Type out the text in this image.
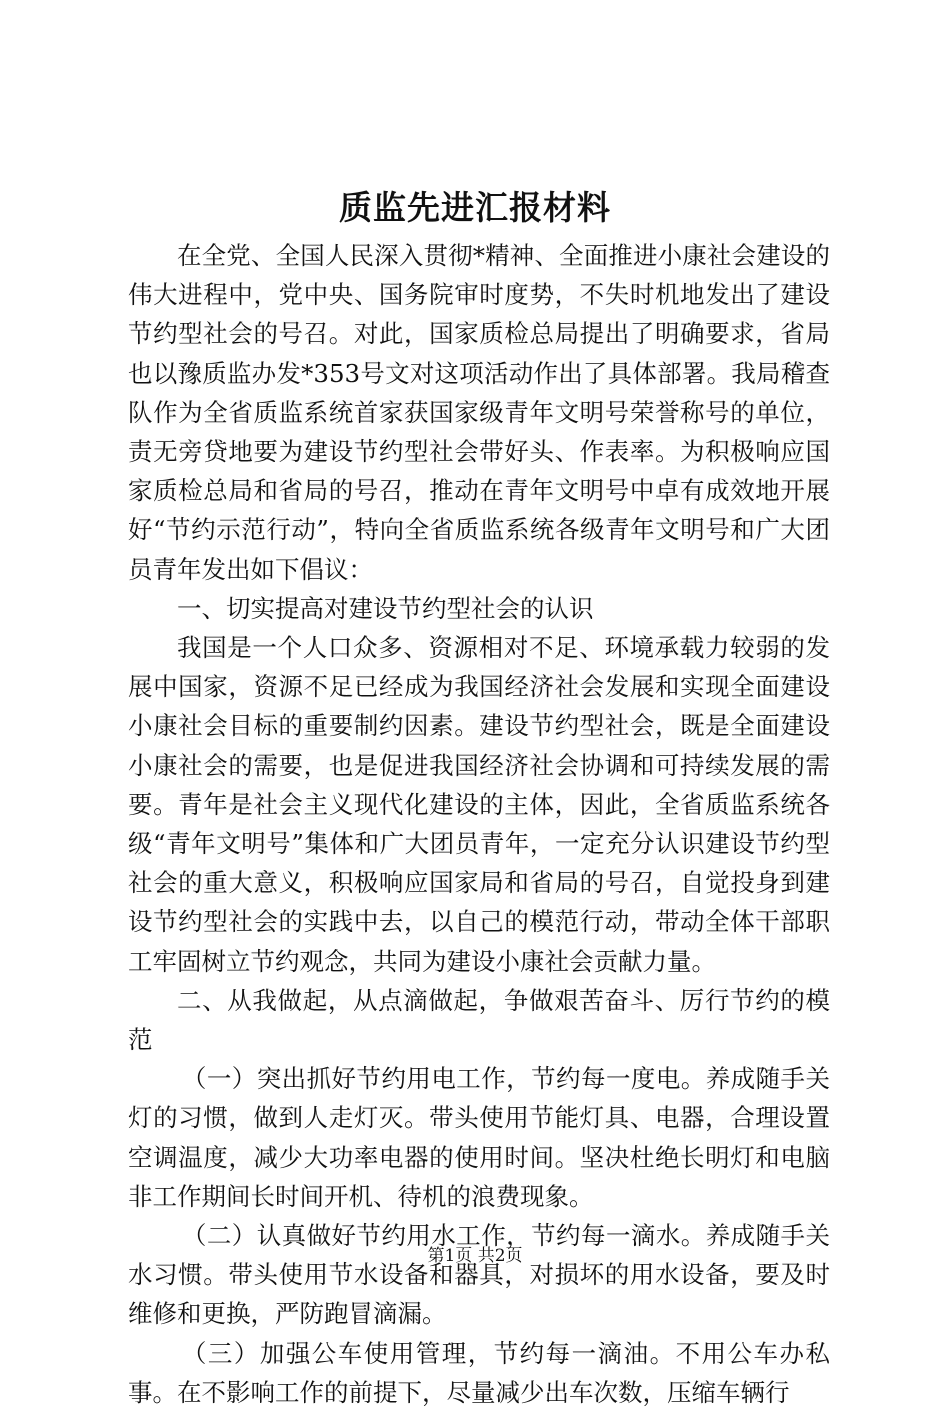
质监先进汇报材料

在全党、全国人民深入贯彻*精神、全面推进小康社会建设的伟大进程中，党中央、国务院审时度势，不失时机地发出了建设节约型社会的号召。对此，国家质检总局提出了明确要求，省局也以豫质监办发*353号文对这项活动作出了具体部署。我局稽查队作为全省质监系统首家获国家级青年文明号荣誉称号的单位，责无旁贷地要为建设节约型社会带好头、作表率。为积极响应国家质检总局和省局的号召，推动在青年文明号中卓有成效地开展好“节约示范行动”，特向全省质监系统各级青年文明号和广大团员青年发出如下倡议：

一、切实提高对建设节约型社会的认识

我国是一个人口众多、资源相对不足、环境承载力较弱的发展中国家，资源不足已经成为我国经济社会发展和实现全面建设小康社会目标的重要制约因素。建设节约型社会，既是全面建设小康社会的需要，也是促进我国经济社会协调和可持续发展的需要。青年是社会主义现代化建设的主体，因此，全省质监系统各级“青年文明号”集体和广大团员青年，一定充分认识建设节约型社会的重大意义，积极响应国家局和省局的号召，自觉投身到建设节约型社会的实践中去，以自己的模范行动，带动全体干部职工牢固树立节约观念，共同为建设小康社会贡献力量。

二、从我做起，从点滴做起，争做艰苦奋斗、厉行节约的模范

（一）突出抓好节约用电工作，节约每一度电。养成随手关灯的习惯，做到人走灯灭。带头使用节能灯具、电器，合理设置空调温度，减少大功率电器的使用时间。坚决杜绝长明灯和电脑非工作期间长时间开机、待机的浪费现象。

（二）认真做好节约用水工作，节约每一滴水。养成随手关水习惯。带头使用节水设备和器具，对损坏的用水设备，要及时维修和更换，严防跑冒滴漏。

（三）加强公车使用管理，节约每一滴油。不用公车办私事。在不影响工作的前提下，尽量减少出车次数，压缩车辆行

第1页 共2页
